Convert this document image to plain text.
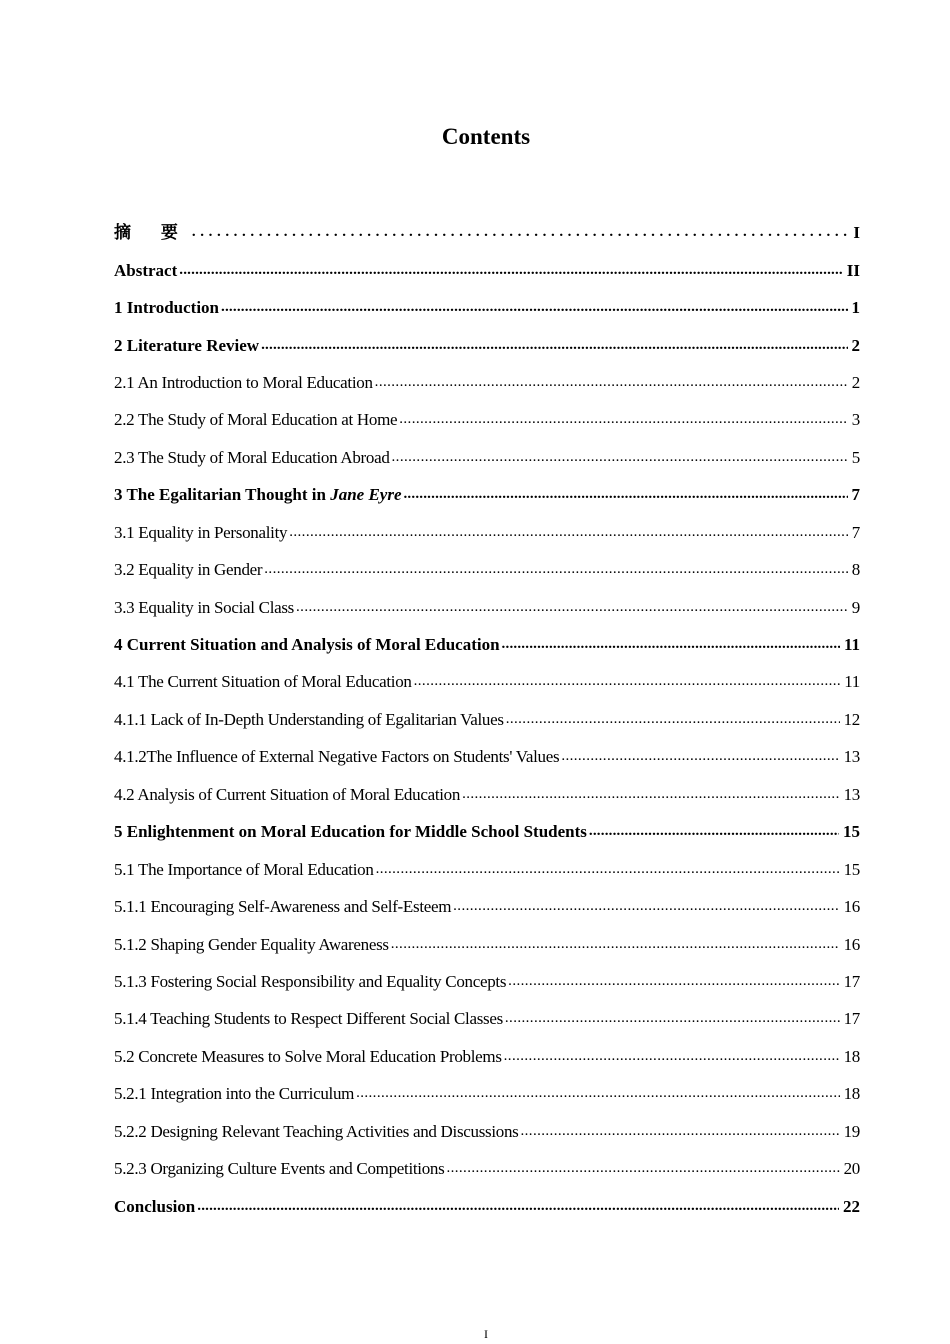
Contents
摘 要 .....	I
Abstract .....	II
1 Introduction .....	1
2 Literature Review .....	2
2.1 An Introduction to Moral Education .....	2
2.2 The Study of Moral Education at Home .....	3
2.3 The Study of Moral Education Abroad .....	5
3 The Egalitarian Thought in Jane Eyre .....	7
3.1 Equality in Personality .....	7
3.2 Equality in Gender .....	8
3.3 Equality in Social Class .....	9
4 Current Situation and Analysis of Moral Education .....	11
4.1 The Current Situation of Moral Education .....	11
4.1.1 Lack of In-Depth Understanding of Egalitarian Values .....	12
4.1.2The Influence of External Negative Factors on Students' Values .....	13
4.2 Analysis of Current Situation of Moral Education .....	13
5 Enlightenment on Moral Education for Middle School Students .....	15
5.1 The Importance of Moral Education .....	15
5.1.1 Encouraging Self-Awareness and Self-Esteem .....	16
5.1.2 Shaping Gender Equality Awareness .....	16
5.1.3 Fostering Social Responsibility and Equality Concepts .....	17
5.1.4 Teaching Students to Respect Different Social Classes .....	17
5.2 Concrete Measures to Solve Moral Education Problems .....	18
5.2.1 Integration into the Curriculum .....	18
5.2.2 Designing Relevant Teaching Activities and Discussions .....	19
5.2.3 Organizing Culture Events and Competitions .....	20
Conclusion .....	22
I
